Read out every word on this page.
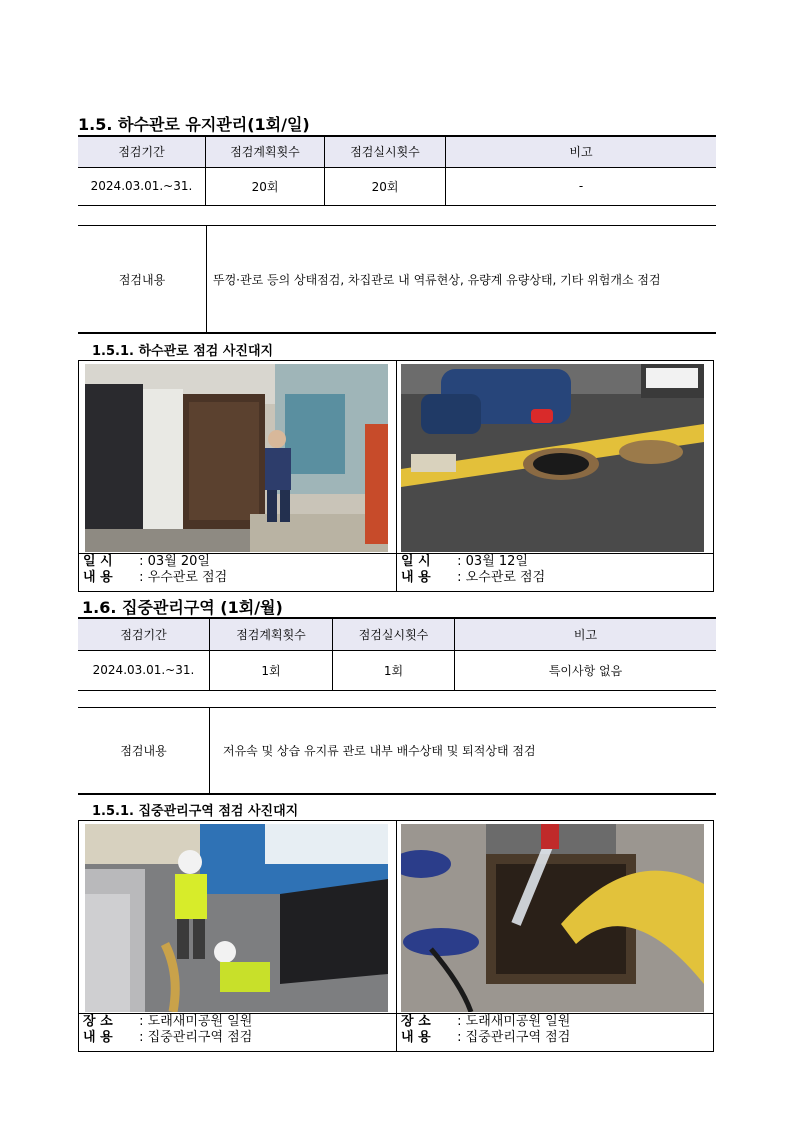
1.5. 하수관로 유지관리(1회/일)
점검기간	점검계획횟수	점검실시횟수	비고
2024.03.01.~31.	20회	20회	-
점검내용	뚜껑·관로 등의 상태점검, 차집관로 내 역류현상, 유량계 유량상태, 기타 위험개소 점검
1.5.1. 하수관로 점검 사진대지
일 시 : 03월 20일
내 용 : 우수관로 점검
일 시 : 03월 12일
내 용 : 오수관로 점검
1.6. 집중관리구역 (1회/월)
점검기간	점검계획횟수	점검실시횟수	비고
2024.03.01.~31.	1회	1회	특이사항 없음
점검내용	저유속 및 상습 유지류 관로 내부 배수상태 및 퇴적상태 점검
1.5.1. 집중관리구역 점검 사진대지
장 소 : 도래새미공원 일원
내 용 : 집중관리구역 점검
장 소 : 도래새미공원 일원
내 용 : 집중관리구역 점검
